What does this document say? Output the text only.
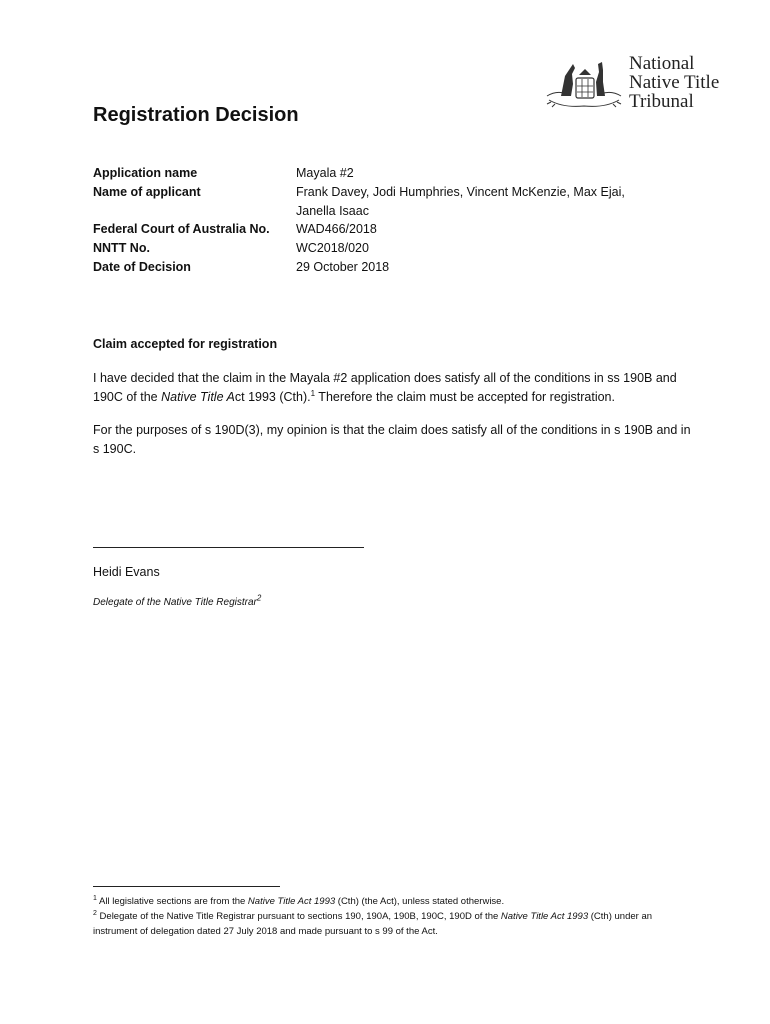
National
Native Title
Tribunal
Registration Decision
Application name	Mayala #2
Name of applicant	Frank Davey, Jodi Humphries, Vincent McKenzie, Max Ejai, Janella Isaac
Federal Court of Australia No.	WAD466/2018
NNTT No.	WC2018/020
Date of Decision	29 October 2018
Claim accepted for registration

I have decided that the claim in the Mayala #2 application does satisfy all of the conditions in ss 190B and 190C of the Native Title Act 1993 (Cth).$^1$ Therefore the claim must be accepted for registration.

For the purposes of s 190D(3), my opinion is that the claim does satisfy all of the conditions in s 190B and in s 190C.

Heidi Evans
Delegate of the Native Title Registrar$^2$

$^1$ All legislative sections are from the Native Title Act 1993 (Cth) (the Act), unless stated otherwise.

$^2$ Delegate of the Native Title Registrar pursuant to sections 190, 190A, 190B, 190C, 190D of the Native Title Act 1993 (Cth) under an instrument of delegation dated 27 July 2018 and made pursuant to s 99 of the Act.
